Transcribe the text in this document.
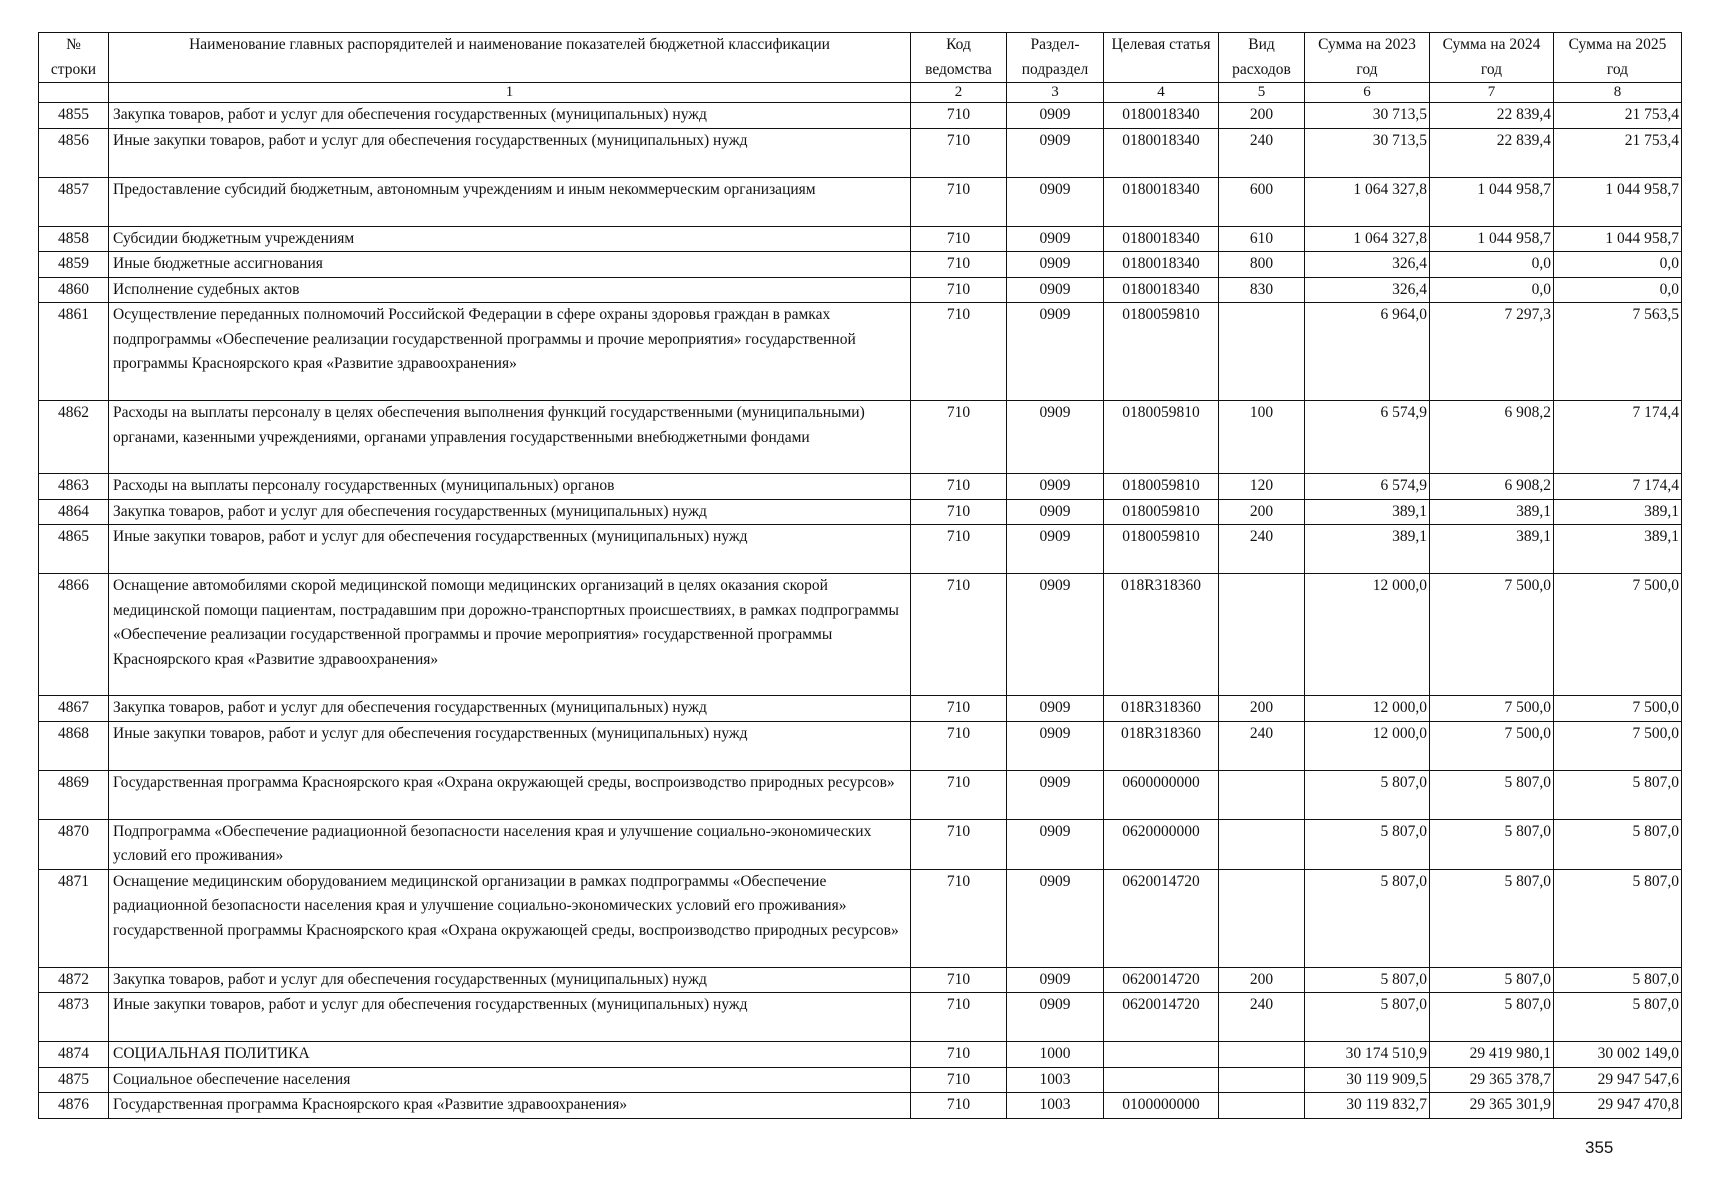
№ строки	Наименование главных распорядителей и наименование показателей бюджетной классификации	Код ведомства	Раздел-подраздел	Целевая статья	Вид расходов	Сумма на 2023 год	Сумма на 2024 год	Сумма на 2025 год
	1	2	3	4	5	6	7	8
4855	Закупка товаров, работ и услуг для обеспечения государственных (муниципальных) нужд	710	0909	0180018340	200	30 713,5	22 839,4	21 753,4
4856	Иные закупки товаров, работ и услуг для обеспечения государственных (муниципальных) нужд	710	0909	0180018340	240	30 713,5	22 839,4	21 753,4
4857	Предоставление субсидий бюджетным, автономным учреждениям и иным некоммерческим организациям	710	0909	0180018340	600	1 064 327,8	1 044 958,7	1 044 958,7
4858	Субсидии бюджетным учреждениям	710	0909	0180018340	610	1 064 327,8	1 044 958,7	1 044 958,7
4859	Иные бюджетные ассигнования	710	0909	0180018340	800	326,4	0,0	0,0
4860	Исполнение судебных актов	710	0909	0180018340	830	326,4	0,0	0,0
4861	Осуществление переданных полномочий Российской Федерации в сфере охраны здоровья граждан в рамках подпрограммы «Обеспечение реализации государственной программы и прочие мероприятия» государственной программы Красноярского края «Развитие здравоохранения»	710	0909	0180059810		6 964,0	7 297,3	7 563,5
4862	Расходы на выплаты персоналу в целях обеспечения выполнения функций государственными (муниципальными) органами, казенными учреждениями, органами управления государственными внебюджетными фондами	710	0909	0180059810	100	6 574,9	6 908,2	7 174,4
4863	Расходы на выплаты персоналу государственных (муниципальных) органов	710	0909	0180059810	120	6 574,9	6 908,2	7 174,4
4864	Закупка товаров, работ и услуг для обеспечения государственных (муниципальных) нужд	710	0909	0180059810	200	389,1	389,1	389,1
4865	Иные закупки товаров, работ и услуг для обеспечения государственных (муниципальных) нужд	710	0909	0180059810	240	389,1	389,1	389,1
4866	Оснащение автомобилями скорой медицинской помощи медицинских организаций в целях оказания скорой медицинской помощи пациентам, пострадавшим при дорожно-транспортных происшествиях, в рамках подпрограммы «Обеспечение реализации государственной программы и прочие мероприятия» государственной программы Красноярского края «Развитие здравоохранения»	710	0909	018R318360		12 000,0	7 500,0	7 500,0
4867	Закупка товаров, работ и услуг для обеспечения государственных (муниципальных) нужд	710	0909	018R318360	200	12 000,0	7 500,0	7 500,0
4868	Иные закупки товаров, работ и услуг для обеспечения государственных (муниципальных) нужд	710	0909	018R318360	240	12 000,0	7 500,0	7 500,0
4869	Государственная программа Красноярского края «Охрана окружающей среды, воспроизводство природных ресурсов»	710	0909	0600000000		5 807,0	5 807,0	5 807,0
4870	Подпрограмма «Обеспечение радиационной безопасности населения края и улучшение социально-экономических условий его проживания»	710	0909	0620000000		5 807,0	5 807,0	5 807,0
4871	Оснащение медицинским оборудованием медицинской организации в рамках подпрограммы «Обеспечение радиационной безопасности населения края и улучшение социально-экономических условий его проживания» государственной программы Красноярского края «Охрана окружающей среды, воспроизводство природных ресурсов»	710	0909	0620014720		5 807,0	5 807,0	5 807,0
4872	Закупка товаров, работ и услуг для обеспечения государственных (муниципальных) нужд	710	0909	0620014720	200	5 807,0	5 807,0	5 807,0
4873	Иные закупки товаров, работ и услуг для обеспечения государственных (муниципальных) нужд	710	0909	0620014720	240	5 807,0	5 807,0	5 807,0
4874	СОЦИАЛЬНАЯ ПОЛИТИКА	710	1000			30 174 510,9	29 419 980,1	30 002 149,0
4875	Социальное обеспечение населения	710	1003			30 119 909,5	29 365 378,7	29 947 547,6
4876	Государственная программа Красноярского края «Развитие здравоохранения»	710	1003	0100000000		30 119 832,7	29 365 301,9	29 947 470,8
355
